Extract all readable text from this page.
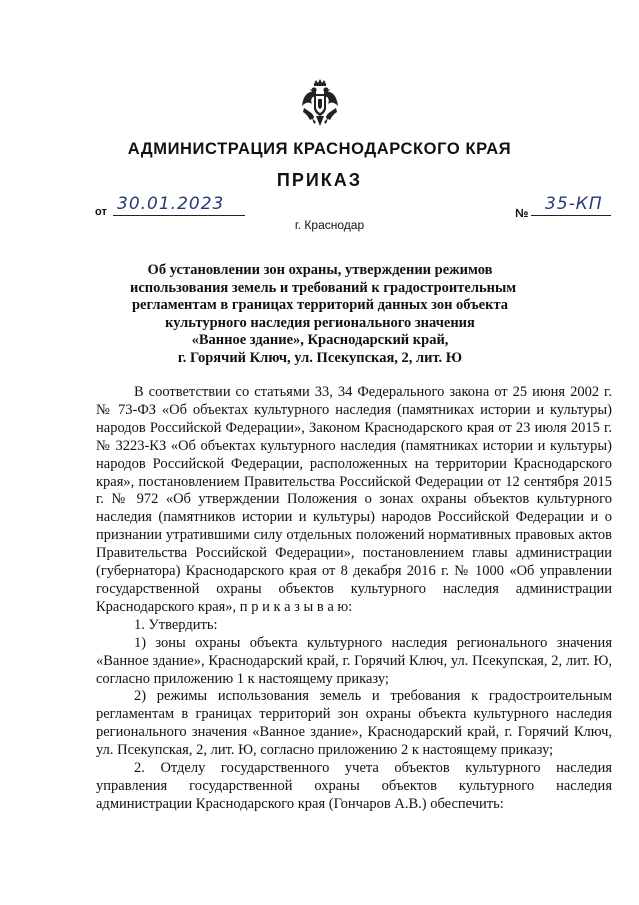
АДМИНИСТРАЦИЯ КРАСНОДАРСКОГО КРАЯ
ПРИКАЗ
от 30.01.2023	№ 35-КП
г. Краснодар
Об установлении зон охраны, утверждении режимов
использования земель и требований к градостроительным
регламентам в границах территорий данных зон объекта
культурного наследия регионального значения
«Ванное здание», Краснодарский край,
г. Горячий Ключ, ул. Псекупская, 2, лит. Ю

В соответствии со статьями 33, 34 Федерального закона от 25 июня 2002 г. № 73-ФЗ «Об объектах культурного наследия (памятниках истории и культуры) народов Российской Федерации», Законом Краснодарского края от 23 июля 2015 г. № 3223-КЗ «Об объектах культурного наследия (памятниках истории и культуры) народов Российской Федерации, расположенных на территории Краснодарского края», постановлением Правительства Российской Федерации от 12 сентября 2015 г. № 972 «Об утверждении Положения о зонах охраны объектов культурного наследия (памятников истории и культуры) народов Российской Федерации и о признании утратившими силу отдельных положений нормативных правовых актов Правительства Российской Федерации», постановлением главы администрации (губернатора) Краснодарского края от 8 декабря 2016 г. № 1000 «Об управлении государственной охраны объектов культурного наследия администрации Краснодарского края», п р и к а з ы в а ю:

1. Утвердить:

1) зоны охраны объекта культурного наследия регионального значения «Ванное здание», Краснодарский край, г. Горячий Ключ, ул. Псекупская, 2, лит. Ю, согласно приложению 1 к настоящему приказу;

2) режимы использования земель и требования к градостроительным регламентам в границах территорий зон охраны объекта культурного наследия регионального значения «Ванное здание», Краснодарский край, г. Горячий Ключ, ул. Псекупская, 2, лит. Ю, согласно приложению 2 к настоящему приказу;

2. Отделу государственного учета объектов культурного наследия управления государственной охраны объектов культурного наследия администрации Краснодарского края (Гончаров А.В.) обеспечить:
